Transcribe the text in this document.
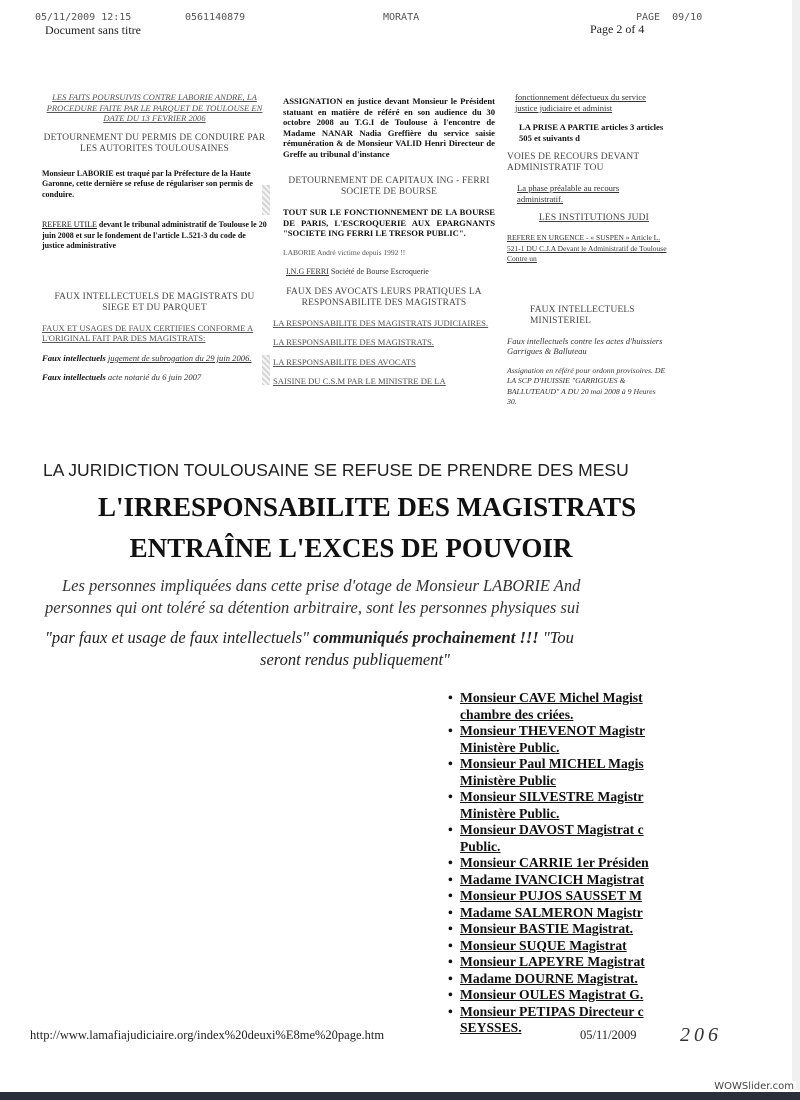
05/11/2009 12:15	0561140879	MORATA	PAGE  09/10
Document sans titre	Page 2 of 4

LES FAITS POURSUIVIS CONTRE LABORIE ANDRE, LA PROCEDURE FAITE PAR LE PARQUET DE TOULOUSE EN DATE DU 13 FEVRIER 2006

DETOURNEMENT DU PERMIS DE CONDUIRE PAR LES AUTORITES TOULOUSAINES

Monsieur LABORIE est traqué par la Préfecture de la Haute Garonne, cette dernière se refuse de régulariser son permis de conduire.

REFERE UTILE devant le tribunal administratif de Toulouse le 20 juin 2008 et sur le fondement de l'article L.521-3 du code de justice administrative

FAUX INTELLECTUELS DE MAGISTRATS DU SIEGE ET DU PARQUET

FAUX ET USAGES DE FAUX CERTIFIES CONFORME A L'ORIGINAL FAIT PAR DES MAGISTRATS:

Faux intellectuels jugement de subrogation du 29 juin 2006.

Faux intellectuels acte notarié du 6 juin 2007

ASSIGNATION en justice devant Monsieur le Président statuant en matière de référé en son audience du 30 octobre 2008 au T.G.I de Toulouse à l'encontre de Madame NANAR Nadia Greffière du service saisie rémunération & de Monsieur VALID Henri Directeur de Greffe au tribunal d'instance

DETOURNEMENT DE CAPITAUX ING - FERRI SOCIETE DE BOURSE

TOUT SUR LE FONCTIONNEMENT DE LA BOURSE DE PARIS, L'ESCROQUERIE AUX EPARGNANTS "SOCIETE ING FERRI LE TRESOR PUBLIC".

LABORIE André victime depuis 1992 !!

I.N.G FERRI Société de Bourse Escroquerie

FAUX DES AVOCATS LEURS PRATIQUES LA RESPONSABILITE DES MAGISTRATS

LA RESPONSABILITE DES MAGISTRATS JUDICIAIRES.

LA RESPONSABILITE DES MAGISTRATS.

LA RESPONSABILITE DES AVOCATS

SAISINE DU C.S.M PAR LE MINISTRE DE LA

fonctionnement défectueux du service justice judiciaire et administ

LA PRISE A PARTIE articles 3 articles 505 et suivants d

VOIES DE RECOURS DEVANT ADMINISTRATIF TOU

La phase préalable au recours administratif.

LES INSTITUTIONS JUDI

REFERE EN URGENCE - « SUSPEN » Article L. 521-1 DU C.J.A Devant le Administratif de Toulouse Contre un

FAUX INTELLECTUELS MINISTERIEL

Faux intellectuels contre les actes d'huissiers Garrigues & Balluteau

Assignation en référé pour ordonn provisoires. DE LA SCP D'HUISSIE "GARRIGUES & BALLUTEAUD" A DU 20 mai 2008 à 9 Heures 30.

LA JURIDICTION TOULOUSAINE SE REFUSE DE PRENDRE DES MESU
L'IRRESPONSABILITE DES MAGISTRATS
ENTRAÎNE L'EXCES DE POUVOIR
Les personnes impliquées dans cette prise d'otage de Monsieur LABORIE And
personnes qui ont toléré sa détention arbitraire, sont les personnes physiques sui
"par faux et usage de faux intellectuels" communiqués prochainement !!! "Tou
seront rendus publiquement"
• Monsieur CAVE Michel Magist
chambre des criées.
• Monsieur THEVENOT Magistr
Ministère Public.
• Monsieur Paul MICHEL Magis
Ministère Public
• Monsieur SILVESTRE Magistr
Ministère Public.
• Monsieur DAVOST Magistrat c
Public.
• Monsieur CARRIE 1er Présiden
• Madame IVANCICH Magistrat
• Monsieur PUJOS SAUSSET M
• Madame SALMERON Magistr
• Monsieur BASTIE Magistrat.
• Monsieur SUQUE Magistrat
• Monsieur LAPEYRE Magistrat
• Madame DOURNE Magistrat.
• Monsieur OULES Magistrat G.
• Monsieur PETIPAS Directeur c
SEYSSES.
http://www.lamafiajudiciaire.org/index%20deuxi%E8me%20page.htm	05/11/2009 206
WOWSlider.com
